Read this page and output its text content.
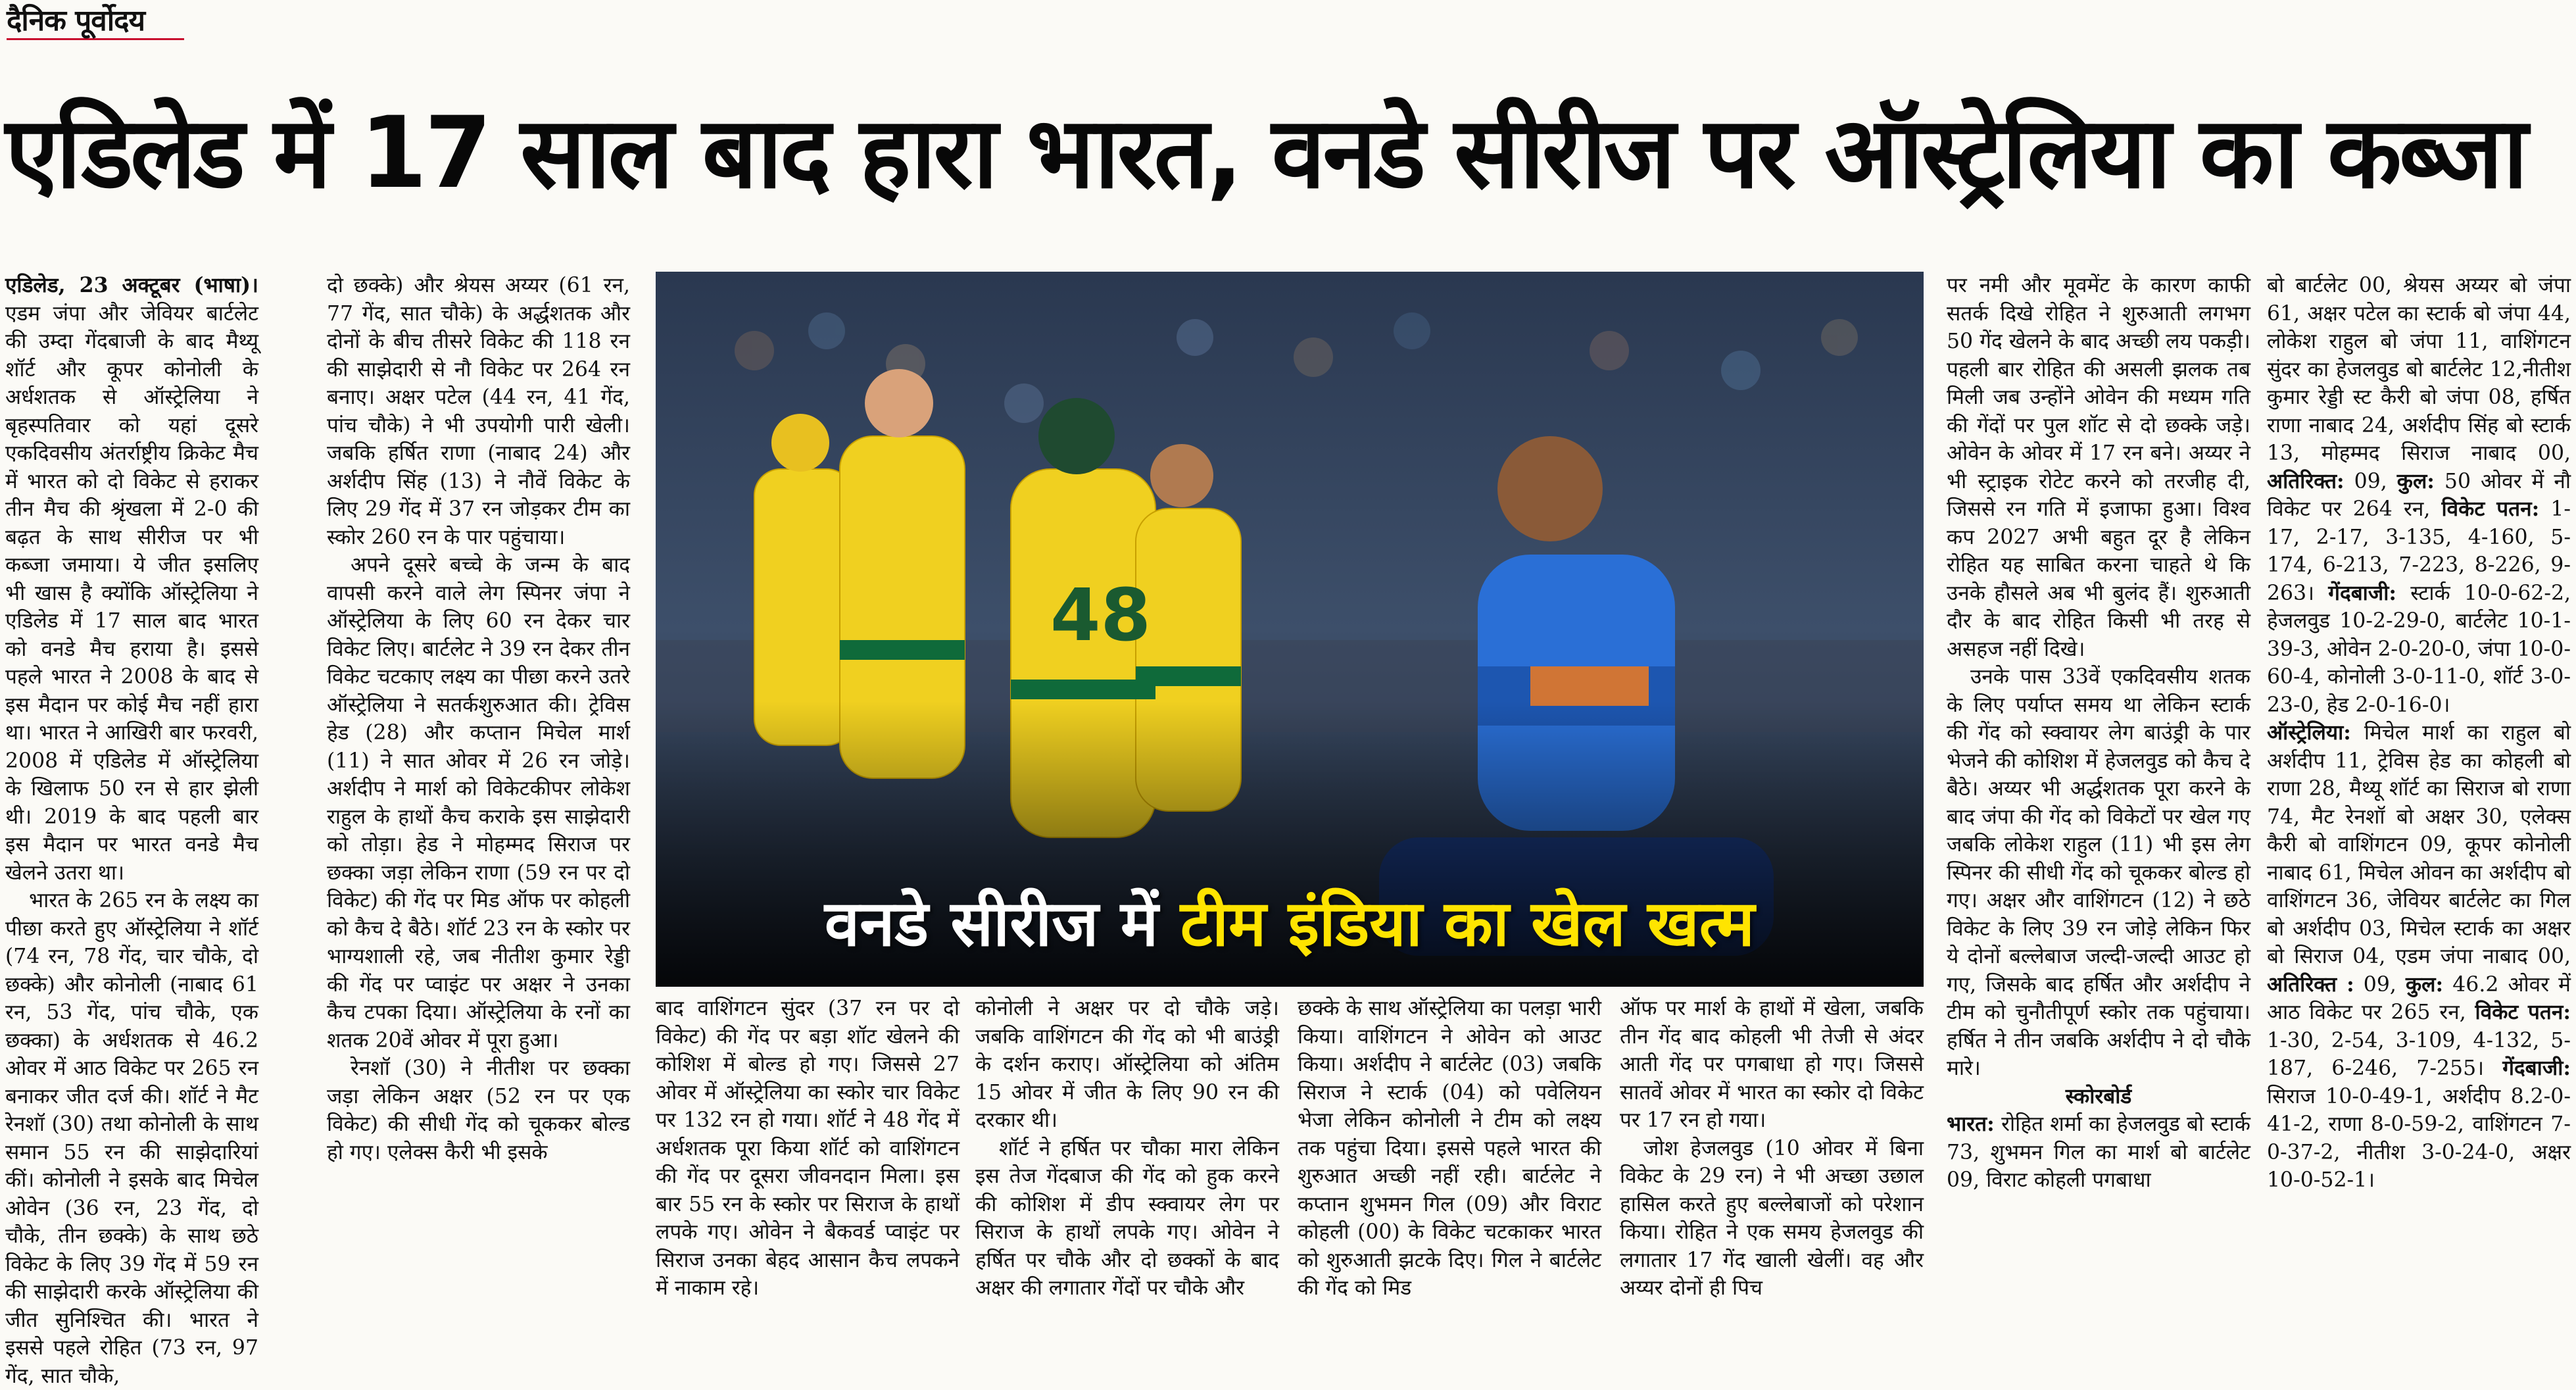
दैनिक पूर्वोदय
एडिलेड में 17 साल बाद हारा भारत, वनडे सीरीज पर ऑस्ट्रेलिया का कब्जा

एडिलेड, 23 अक्टूबर (भाषा)। एडम जंपा और जेवियर बार्टलेट की उम्दा गेंदबाजी के बाद मैथ्यू शॉर्ट और कूपर कोनोली के अर्धशतक से ऑस्ट्रेलिया ने बृहस्पतिवार को यहां दूसरे एकदिवसीय अंतर्राष्ट्रीय क्रिकेट मैच में भारत को दो विकेट से हराकर तीन मैच की श्रृंखला में 2-0 की बढ़त के साथ सीरीज पर भी कब्जा जमाया। ये जीत इसलिए भी खास है क्योंकि ऑस्ट्रेलिया ने एडिलेड में 17 साल बाद भारत को वनडे मैच हराया है। इससे पहले भारत ने 2008 के बाद से इस मैदान पर कोई मैच नहीं हारा था। भारत ने आखिरी बार फरवरी, 2008 में एडिलेड में ऑस्ट्रेलिया के खिलाफ 50 रन से हार झेली थी। 2019 के बाद पहली बार इस मैदान पर भारत वनडे मैच खेलने उतरा था।

भारत के 265 रन के लक्ष्य का पीछा करते हुए ऑस्ट्रेलिया ने शॉर्ट (74 रन, 78 गेंद, चार चौके, दो छक्के) और कोनोली (नाबाद 61 रन, 53 गेंद, पांच चौके, एक छक्का) के अर्धशतक से 46.2 ओवर में आठ विकेट पर 265 रन बनाकर जीत दर्ज की। शॉर्ट ने मैट रेनशॉ (30) तथा कोनोली के साथ समान 55 रन की साझेदारियां कीं। कोनोली ने इसके बाद मिचेल ओवेन (36 रन, 23 गेंद, दो चौके, तीन छक्के) के साथ छठे विकेट के लिए 39 गेंद में 59 रन की साझेदारी करके ऑस्ट्रेलिया की जीत सुनिश्चित की। भारत ने इससे पहले रोहित (73 रन, 97 गेंद, सात चौके,

दो छक्के) और श्रेयस अय्यर (61 रन, 77 गेंद, सात चौके) के अर्द्धशतक और दोनों के बीच तीसरे विकेट की 118 रन की साझेदारी से नौ विकेट पर 264 रन बनाए। अक्षर पटेल (44 रन, 41 गेंद, पांच चौके) ने भी उपयोगी पारी खेली। जबकि हर्षित राणा (नाबाद 24) और अर्शदीप सिंह (13) ने नौवें विकेट के लिए 29 गेंद में 37 रन जोड़कर टीम का स्कोर 260 रन के पार पहुंचाया।

अपने दूसरे बच्चे के जन्म के बाद वापसी करने वाले लेग स्पिनर जंपा ने ऑस्ट्रेलिया के लिए 60 रन देकर चार विकेट लिए। बार्टलेट ने 39 रन देकर तीन विकेट चटकाए लक्ष्य का पीछा करने उतरे ऑस्ट्रेलिया ने सतर्कशुरुआत की। ट्रेविस हेड (28) और कप्तान मिचेल मार्श (11) ने सात ओवर में 26 रन जोड़े।अर्शदीप ने मार्श को विकेटकीपर लोकेश राहुल के हाथों कैच कराके इस साझेदारी को तोड़ा। हेड ने मोहम्मद सिराज पर छक्का जड़ा लेकिन राणा (59 रन पर दो विकेट) की गेंद पर मिड ऑफ पर कोहली को कैच दे बैठे। शॉर्ट 23 रन के स्कोर पर भाग्यशाली रहे, जब नीतीश कुमार रेड्डी की गेंद पर प्वाइंट पर अक्षर ने उनका कैच टपका दिया। ऑस्ट्रेलिया के रनों का शतक 20वें ओवर में पूरा हुआ।

रेनशॉ (30) ने नीतीश पर छक्का जड़ा लेकिन अक्षर (52 रन पर एक विकेट) की सीधी गेंद को चूककर बोल्ड हो गए। एलेक्स कैरी भी इसके

वनडे सीरीज में टीम इंडिया का खेल खत्म

बाद वाशिंगटन सुंदर (37 रन पर दो विकेट) की गेंद पर बड़ा शॉट खेलने की कोशिश में बोल्ड हो गए। जिससे 27 ओवर में ऑस्ट्रेलिया का स्कोर चार विकेट पर 132 रन हो गया। शॉर्ट ने 48 गेंद में अर्धशतक पूरा किया शॉर्ट को वाशिंगटन की गेंद पर दूसरा जीवनदान मिला। इस बार 55 रन के स्कोर पर सिराज के हाथों लपके गए। ओवेन ने बैकवर्ड प्वाइंट पर सिराज उनका बेहद आसान कैच लपकने में नाकाम रहे।

कोनोली ने अक्षर पर दो चौके जड़े। जबकि वाशिंगटन की गेंद को भी बाउंड्री के दर्शन कराए। ऑस्ट्रेलिया को अंतिम 15 ओवर में जीत के लिए 90 रन की दरकार थी।

शॉर्ट ने हर्षित पर चौका मारा लेकिन इस तेज गेंदबाज की गेंद को हुक करने की कोशिश में डीप स्क्वायर लेग पर सिराज के हाथों लपके गए। ओवेन ने हर्षित पर चौके और दो छक्कों के बाद अक्षर की लगातार गेंदों पर चौके और

छक्के के साथ ऑस्ट्रेलिया का पलड़ा भारी किया। वाशिंगटन ने ओवेन को आउट किया। अर्शदीप ने बार्टलेट (03) जबकि सिराज ने स्टार्क (04) को पवेलियन भेजा लेकिन कोनोली ने टीम को लक्ष्य तक पहुंचा दिया। इससे पहले भारत की शुरुआत अच्छी नहीं रही। बार्टलेट ने कप्तान शुभमन गिल (09) और विराट कोहली (00) के विकेट चटकाकर भारत को शुरुआती झटके दिए। गिल ने बार्टलेट की गेंद को मिड

ऑफ पर मार्श के हाथों में खेला, जबकि तीन गेंद बाद कोहली भी तेजी से अंदर आती गेंद पर पगबाधा हो गए। जिससे सातवें ओवर में भारत का स्कोर दो विकेट पर 17 रन हो गया।

जोश हेजलवुड (10 ओवर में बिना विकेट के 29 रन) ने भी अच्छा उछाल हासिल करते हुए बल्लेबाजों को परेशान किया। रोहित ने एक समय हेजलवुड की लगातार 17 गेंद खाली खेलीं। वह और अय्यर दोनों ही पिच

पर नमी और मूवमेंट के कारण काफी सतर्क दिखे रोहित ने शुरुआती लगभग 50 गेंद खेलने के बाद अच्छी लय पकड़ी। पहली बार रोहित की असली झलक तब मिली जब उन्होंने ओवेन की मध्यम गति की गेंदों पर पुल शॉट से दो छक्के जड़े। ओवेन के ओवर में 17 रन बने। अय्यर ने भी स्ट्राइक रोटेट करने को तरजीह दी, जिससे रन गति में इजाफा हुआ। विश्व कप 2027 अभी बहुत दूर है लेकिन रोहित यह साबित करना चाहते थे कि उनके हौसले अब भी बुलंद हैं। शुरुआती दौर के बाद रोहित किसी भी तरह से असहज नहीं दिखे।

उनके पास 33वें एकदिवसीय शतक के लिए पर्याप्त समय था लेकिन स्टार्क की गेंद को स्क्वायर लेग बाउंड्री के पार भेजने की कोशिश में हेजलवुड को कैच दे बैठे। अय्यर भी अर्द्धशतक पूरा करने के बाद जंपा की गेंद को विकेटों पर खेल गए जबकि लोकेश राहुल (11) भी इस लेग स्पिनर की सीधी गेंद को चूककर बोल्ड हो गए। अक्षर और वाशिंगटन (12) ने छठे विकेट के लिए 39 रन जोड़े लेकिन फिर ये दोनों बल्लेबाज जल्दी-जल्दी आउट हो गए, जिसके बाद हर्षित और अर्शदीप ने टीम को चुनौतीपूर्ण स्कोर तक पहुंचाया। हर्षित ने तीन जबकि अर्शदीप ने दो चौके मारे।

स्कोरबोर्ड

भारत: रोहित शर्मा का हेजलवुड बो स्टार्क 73, शुभमन गिल का मार्श बो बार्टलेट 09, विराट कोहली पगबाधा

बो बार्टलेट 00, श्रेयस अय्यर बो जंपा 61, अक्षर पटेल का स्टार्क बो जंपा 44, लोकेश राहुल बो जंपा 11, वाशिंगटन सुंदर का हेजलवुड बो बार्टलेट 12,नीतीश कुमार रेड्डी स्ट कैरी बो जंपा 08, हर्षित राणा नाबाद 24, अर्शदीप सिंह बो स्टार्क 13, मोहम्मद सिराज नाबाद 00, अतिरिक्त: 09, कुल: 50 ओवर में नौ विकेट पर 264 रन, विकेट पतन: 1-17, 2-17, 3-135, 4-160, 5-174, 6-213, 7-223, 8-226, 9-263। गेंदबाजी: स्टार्क 10-0-62-2, हेजलवुड 10-2-29-0, बार्टलेट 10-1-39-3, ओवेन 2-0-20-0, जंपा 10-0-60-4, कोनोली 3-0-11-0, शॉर्ट 3-0-23-0, हेड 2-0-16-0।

ऑस्ट्रेलिया: मिचेल मार्श का राहुल बो अर्शदीप 11, ट्रेविस हेड का कोहली बो राणा 28, मैथ्यू शॉर्ट का सिराज बो राणा 74, मैट रेनशॉ बो अक्षर 30, एलेक्स कैरी बो वाशिंगटन 09, कूपर कोनोली नाबाद 61, मिचेल ओवन का अर्शदीप बो वाशिंगटन 36, जेवियर बार्टलेट का गिल बो अर्शदीप 03, मिचेल स्टार्क का अक्षर बो सिराज 04, एडम जंपा नाबाद 00, अतिरिक्त : 09, कुल: 46.2 ओवर में आठ विकेट पर 265 रन, विकेट पतन: 1-30, 2-54, 3-109, 4-132, 5-187, 6-246, 7-255। गेंदबाजी: सिराज 10-0-49-1, अर्शदीप 8.2-0-41-2, राणा 8-0-59-2, वाशिंगटन 7-0-37-2, नीतीश 3-0-24-0, अक्षर 10-0-52-1।
